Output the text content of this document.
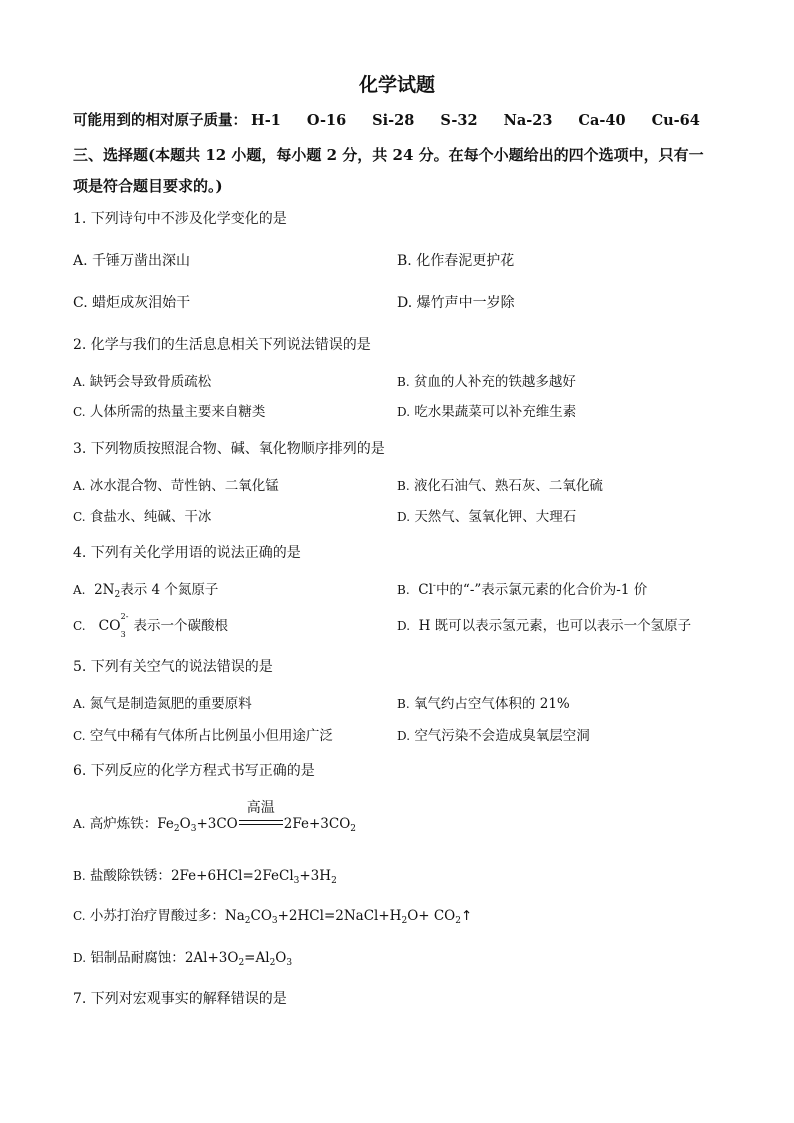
化学试题
可能用到的相对原子质量： H-1 O-16 Si-28 S-32 Na-23 Ca-40 Cu-64
三、选择题(本题共 12 小题，每小题 2 分，共 24 分。在每个小题给出的四个选项中，只有一
项是符合题目要求的。)
1. 下列诗句中不涉及化学变化的是
A. 千锤万凿出深山	B. 化作春泥更护花
C. 蜡炬成灰泪始干	D. 爆竹声中一岁除
2. 化学与我们的生活息息相关下列说法错误的是
A. 缺钙会导致骨质疏松	B. 贫血的人补充的铁越多越好
C. 人体所需的热量主要来自糖类	D. 吃水果蔬菜可以补充维生素
3. 下列物质按照混合物、碱、氧化物顺序排列的是
A. 冰水混合物、苛性钠、二氧化锰	B. 液化石油气、熟石灰、二氧化硫
C. 食盐水、纯碱、干冰	D. 天然气、氢氧化钾、大理石
4. 下列有关化学用语的说法正确的是
A. $2N_2$表示 4 个氮原子	B. Cl-中的“-”表示氯元素的化合价为-1 价
C. CO
2-
3
表示一个碳酸根	D. H 既可以表示氢元素，也可以表示一个氢原子
5. 下列有关空气的说法错误的是
A. 氮气是制造氮肥的重要原料	B. 氧气约占空气体积的 21%
C. 空气中稀有气体所占比例虽小但用途广泛	D. 空气污染不会造成臭氧层空洞
6. 下列反应的化学方程式书写正确的是
A. 高炉炼铁：$Fe_2O_3+3CO$
高温
$2Fe+3CO_2$
B. 盐酸除铁锈：$2Fe+6HCl=2FeCl_3+3H_2$
C. 小苏打治疗胃酸过多：$Na_2CO_3+2HCl=2NaCl+H_2O+$ $CO_2↑$
D. 铝制品耐腐蚀：$2Al+3O_2=Al_2O_3$
7. 下列对宏观事实的解释错误的是
